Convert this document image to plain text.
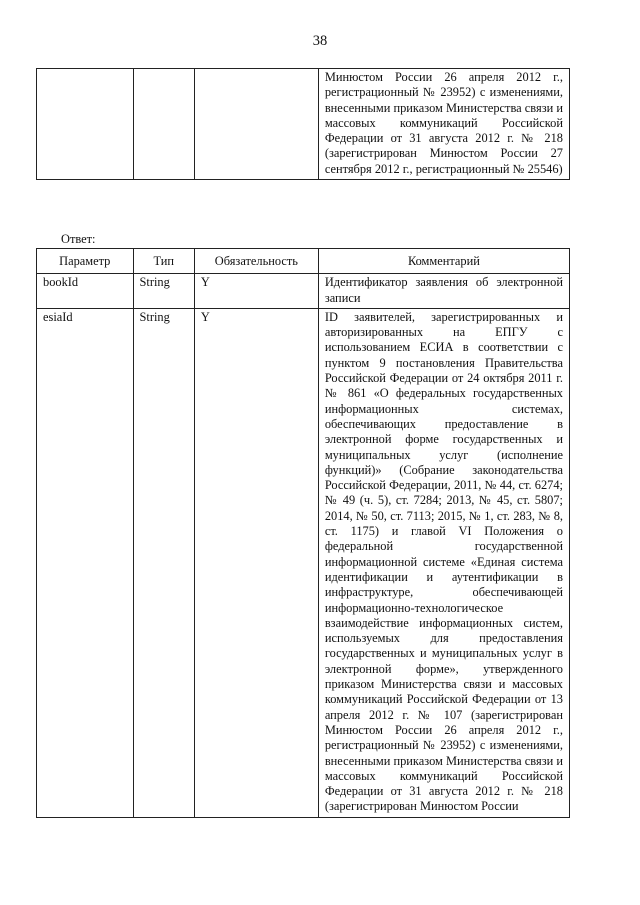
38
			Минюстом России 26 апреля 2012 г., регистрационный № 23952) с изменениями, внесенными приказом Министерства связи и массовых коммуникаций Российской Федерации от 31 августа 2012 г. № 218 (зарегистрирован Минюстом России 27 сентября 2012 г., регистрационный № 25546)
Ответ:
Параметр	Тип	Обязательность	Комментарий
bookId	String	Y	Идентификатор заявления об электронной записи
esiaId	String	Y	ID заявителей, зарегистрированных и авторизированных на ЕПГУ с использованием ЕСИА в соответствии с пунктом 9 постановления Правительства Российской Федерации от 24 октября 2011 г. № 861 «О федеральных государственных информационных системах, обеспечивающих предоставление в электронной форме государственных и муниципальных услуг (исполнение функций)» (Собрание законодательства Российской Федерации, 2011, № 44, ст. 6274; № 49 (ч. 5), ст. 7284; 2013, № 45, ст. 5807; 2014, № 50, ст. 7113; 2015, № 1, ст. 283, № 8, ст. 1175) и главой VI Положения о федеральной государственной информационной системе «Единая система идентификации и аутентификации в инфраструктуре, обеспечивающей информационно-технологическое взаимодействие информационных систем, используемых для предоставления государственных и муниципальных услуг в электронной форме», утвержденного приказом Министерства связи и массовых коммуникаций Российской Федерации от 13 апреля 2012 г. № 107 (зарегистрирован Минюстом России 26 апреля 2012 г., регистрационный № 23952) с изменениями, внесенными приказом Министерства связи и массовых коммуникаций Российской Федерации от 31 августа 2012 г. № 218 (зарегистрирован Минюстом России
